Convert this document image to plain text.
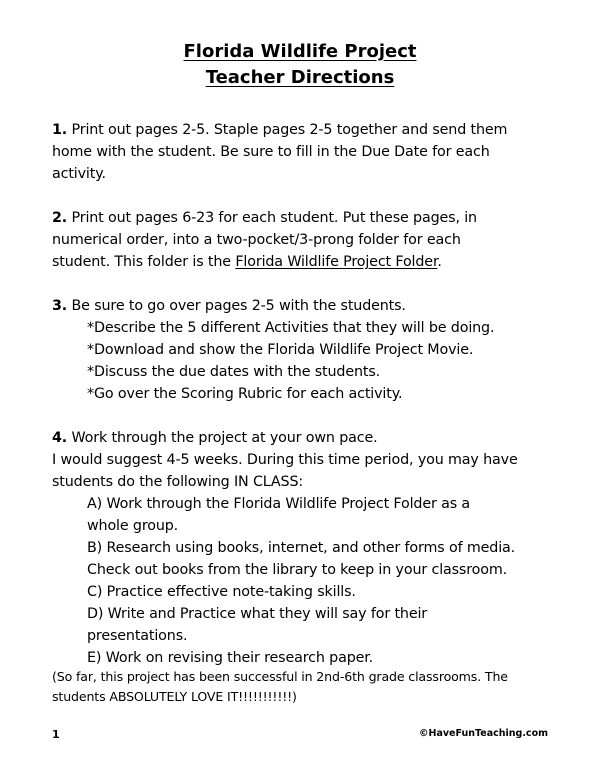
Florida Wildlife Project
Teacher Directions
1. Print out pages 2-5. Staple pages 2-5 together and send them
home with the student. Be sure to fill in the Due Date for each
activity.
2. Print out pages 6-23 for each student. Put these pages, in
numerical order, into a two-pocket/3-prong folder for each
student. This folder is the Florida Wildlife Project Folder.
3. Be sure to go over pages 2-5 with the students.
*Describe the 5 different Activities that they will be doing.
*Download and show the Florida Wildlife Project Movie.
*Discuss the due dates with the students.
*Go over the Scoring Rubric for each activity.
4. Work through the project at your own pace.
I would suggest 4-5 weeks. During this time period, you may have
students do the following IN CLASS:
A) Work through the Florida Wildlife Project Folder as a
whole group.
B) Research using books, internet, and other forms of media.
Check out books from the library to keep in your classroom.
C) Practice effective note-taking skills.
D) Write and Practice what they will say for their
presentations.
E) Work on revising their research paper.
(So far, this project has been successful in 2nd-6th grade classrooms. The
students ABSOLUTELY LOVE IT!!!!!!!!!!!)
1	©HaveFunTeaching.com
